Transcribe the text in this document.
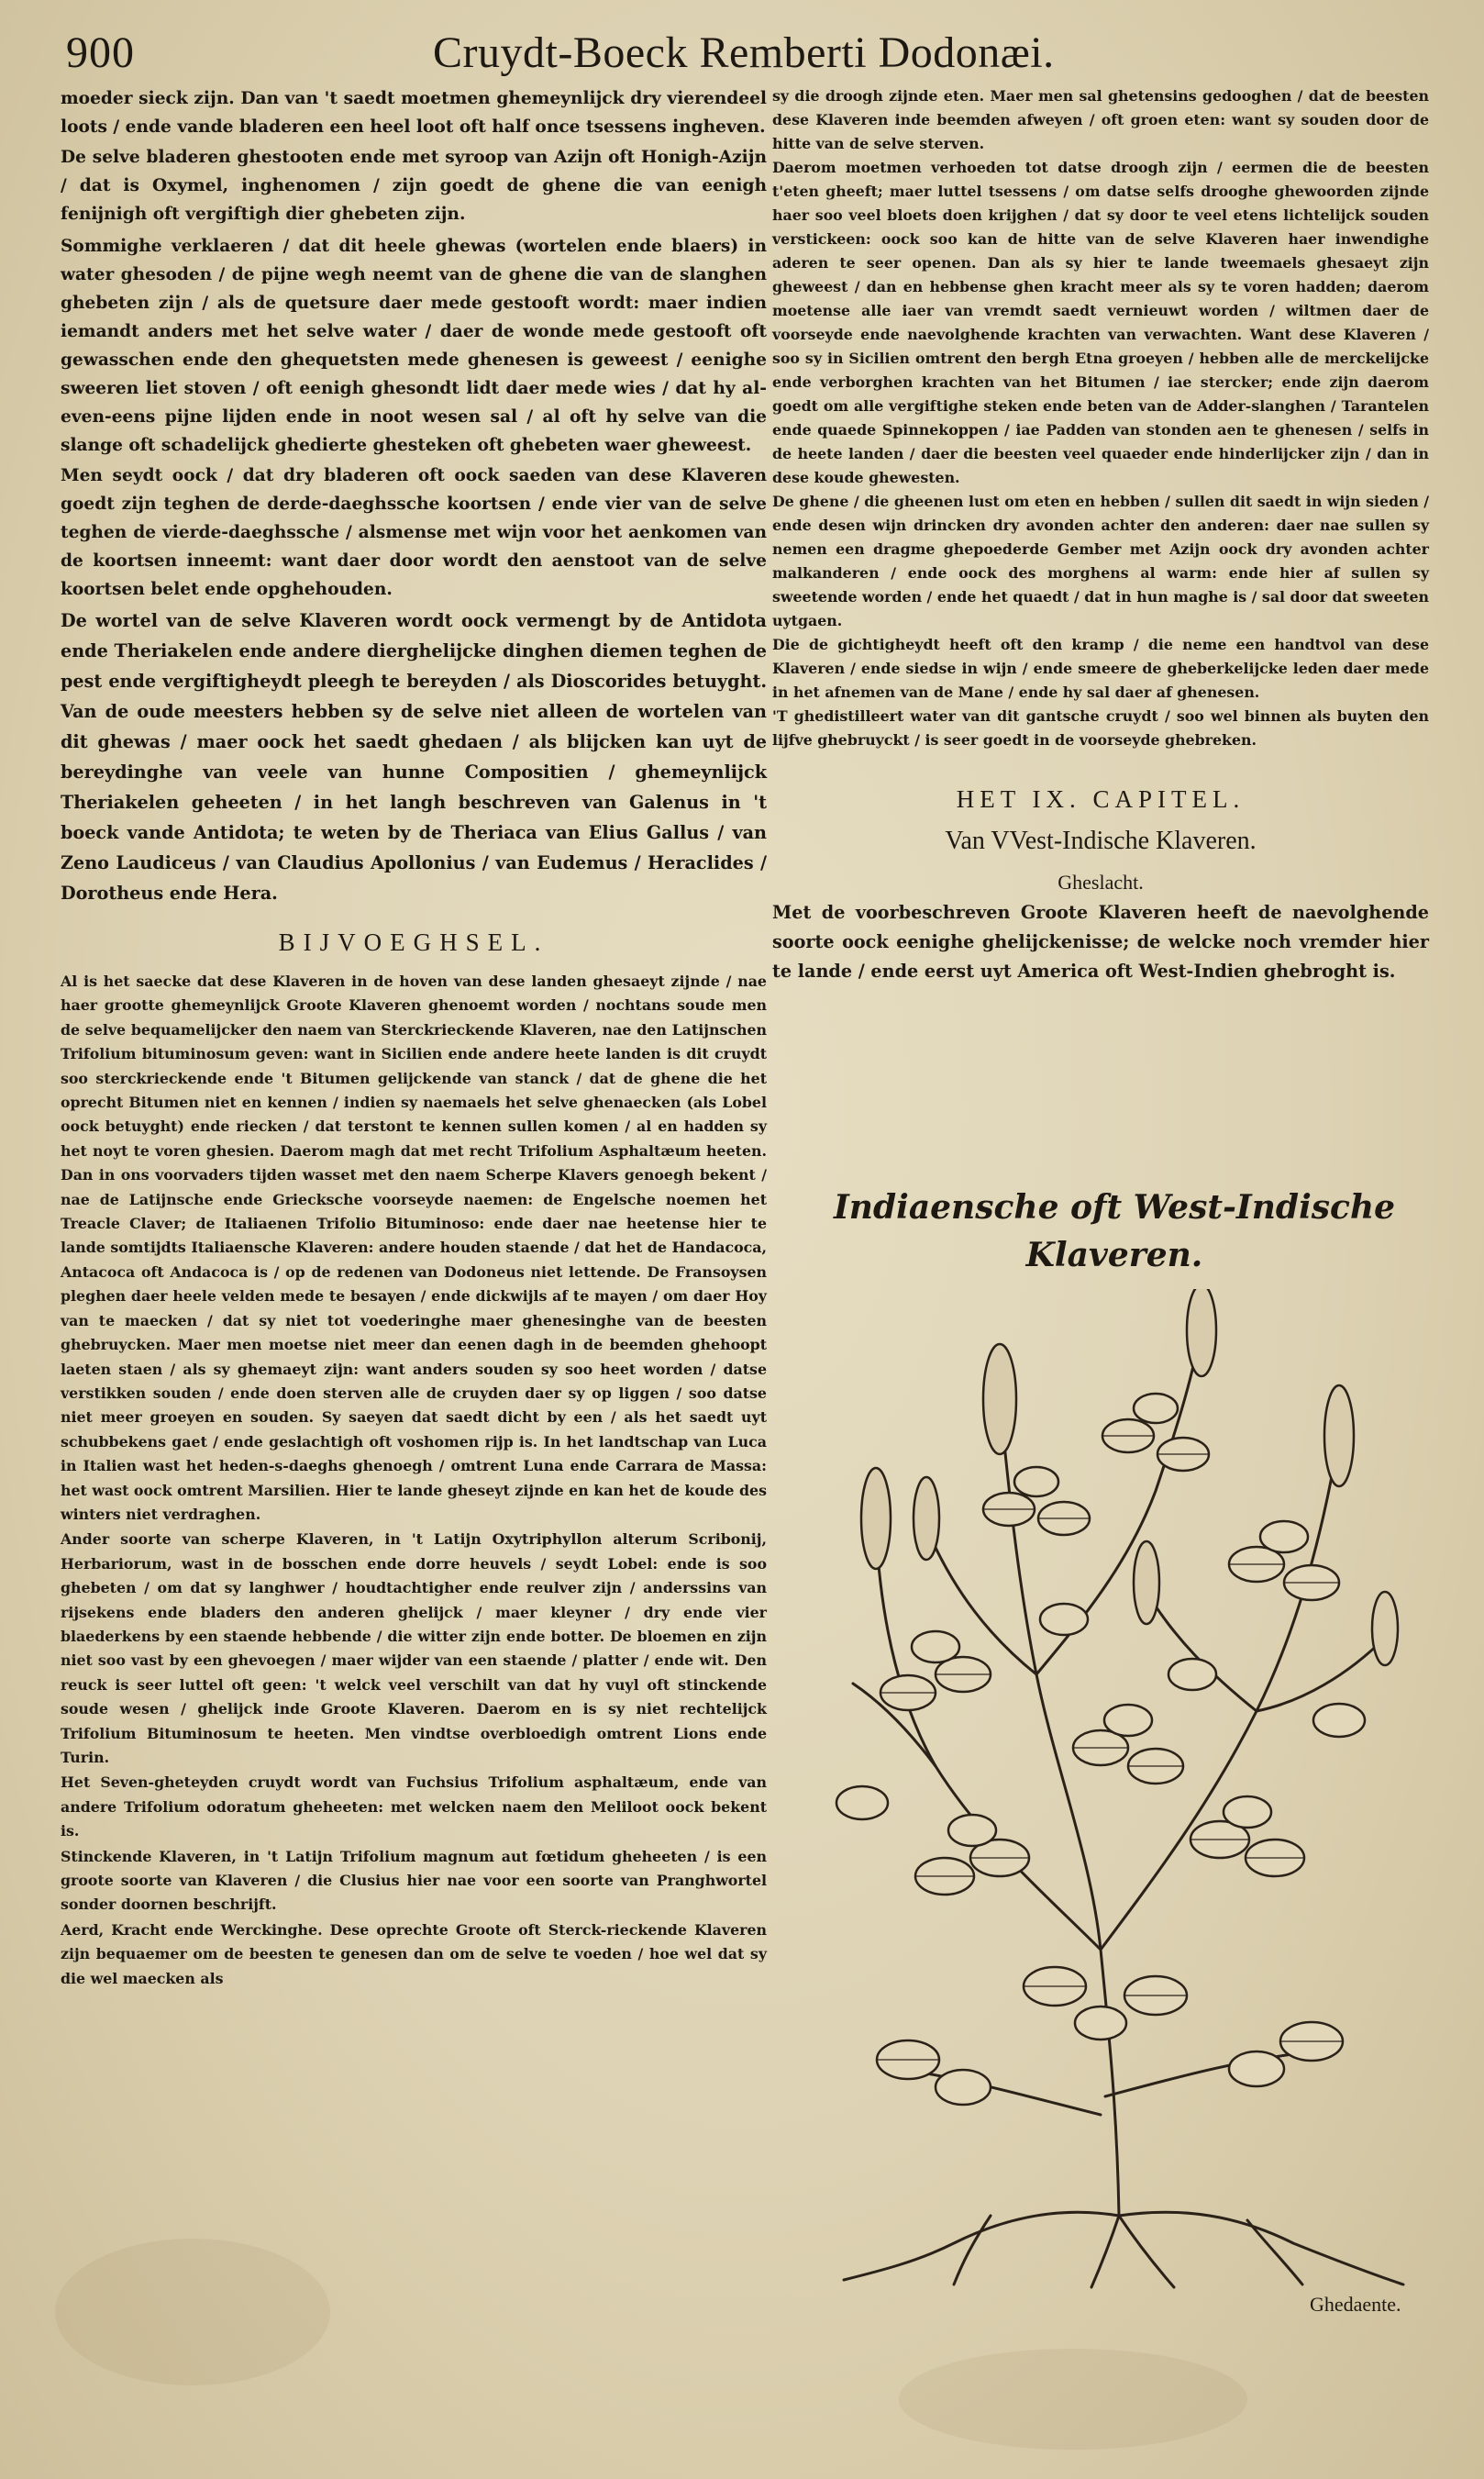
900	Cruydt-Boeck Remberti Dodonæi.

moeder sieck zijn. Dan van 't saedt moetmen ghemeynlijck dry vierendeel loots / ende vande bladeren een heel loot oft half once tsessens ingheven.

De selve bladeren ghestooten ende met syroop van Azijn oft Honigh-Azijn / dat is Oxymel, inghenomen / zijn goedt de ghene die van eenigh fenijnigh oft vergiftigh dier ghebeten zijn.

Sommighe verklaeren / dat dit heele ghewas (wortelen ende blaers) in water ghesoden / de pijne wegh neemt van de ghene die van de slanghen ghebeten zijn / als de quetsure daer mede gestooft wordt: maer indien iemandt anders met het selve water / daer de wonde mede gestooft oft gewasschen ende den ghequetsten mede ghenesen is geweest / eenighe sweeren liet stoven / oft eenigh ghesondt lidt daer mede wies / dat hy al-even-eens pijne lijden ende in noot wesen sal / al oft hy selve van die slange oft schadelijck ghedierte ghesteken oft ghebeten waer gheweest.

Men seydt oock / dat dry bladeren oft oock saeden van dese Klaveren goedt zijn teghen de derde-daeghssche koortsen / ende vier van de selve teghen de vierde-daeghssche / alsmense met wijn voor het aenkomen van de koortsen inneemt: want daer door wordt den aenstoot van de selve koortsen belet ende opghehouden.

De wortel van de selve Klaveren wordt oock vermengt by de Antidota ende Theriakelen ende andere dierghelijcke dinghen diemen teghen de pest ende vergiftigheydt pleegh te bereyden / als Dioscorides betuyght. Van de oude meesters hebben sy de selve niet alleen de wortelen van dit ghewas / maer oock het saedt ghedaen / als blijcken kan uyt de bereydinghe van veele van hunne Compositien / ghemeynlijck Theriakelen geheeten / in het langh beschreven van Galenus in 't boeck vande Antidota; te weten by de Theriaca van Elius Gallus / van Zeno Laudiceus / van Claudius Apollonius / van Eudemus / Heraclides / Dorotheus ende Hera.

BIJVOEGHSEL.

Al is het saecke dat dese Klaveren in de hoven van dese landen ghesaeyt zijnde / nae haer grootte ghemeynlijck Groote Klaveren ghenoemt worden / nochtans soude men de selve bequamelijcker den naem van Sterckrieckende Klaveren, nae den Latijnschen Trifolium bituminosum geven: want in Sicilien ende andere heete landen is dit cruydt soo sterckrieckende ende 't Bitumen gelijckende van stanck / dat de ghene die het oprecht Bitumen niet en kennen / indien sy naemaels het selve ghenaecken (als Lobel oock betuyght) ende riecken / dat terstont te kennen sullen komen / al en hadden sy het noyt te voren ghesien. Daerom magh dat met recht Trifolium Asphaltæum heeten. Dan in ons voorvaders tijden wasset met den naem Scherpe Klavers genoegh bekent / nae de Latijnsche ende Griecksche voorseyde naemen: de Engelsche noemen het Treacle Claver; de Italiaenen Trifolio Bituminoso: ende daer nae heetense hier te lande somtijdts Italiaensche Klaveren: andere houden staende / dat het de Handacoca, Antacoca oft Andacoca is / op de redenen van Dodoneus niet lettende. De Fransoysen pleghen daer heele velden mede te besayen / ende dickwijls af te mayen / om daer Hoy van te maecken / dat sy niet tot voederinghe maer ghenesinghe van de beesten ghebruycken. Maer men moetse niet meer dan eenen dagh in de beemden ghehoopt laeten staen / als sy ghemaeyt zijn: want anders souden sy soo heet worden / datse verstikken souden / ende doen sterven alle de cruyden daer sy op liggen / soo datse niet meer groeyen en souden. Sy saeyen dat saedt dicht by een / als het saedt uyt schubbekens gaet / ende geslachtigh oft voshomen rijp is. In het landtschap van Luca in Italien wast het heden-s-daeghs ghenoegh / omtrent Luna ende Carrara de Massa: het wast oock omtrent Marsilien. Hier te lande gheseyt zijnde en kan het de koude des winters niet verdraghen.

Ander soorte van scherpe Klaveren, in 't Latijn Oxytriphyllon alterum Scribonij, Herbariorum, wast in de bosschen ende dorre heuvels / seydt Lobel: ende is soo ghebeten / om dat sy langhwer / houdtachtigher ende reulver zijn / anderssins van rijsekens ende bladers den anderen ghelijck / maer kleyner / dry ende vier blaederkens by een staende hebbende / die witter zijn ende botter. De bloemen en zijn niet soo vast by een ghevoegen / maer wijder van een staende / platter / ende wit. Den reuck is seer luttel oft geen: 't welck veel verschilt van dat hy vuyl oft stinckende soude wesen / ghelijck inde Groote Klaveren. Daerom en is sy niet rechtelijck Trifolium Bituminosum te heeten. Men vindtse overbloedigh omtrent Lions ende Turin.

Het Seven-gheteyden cruydt wordt van Fuchsius Trifolium asphaltæum, ende van andere Trifolium odoratum gheheeten: met welcken naem den Meliloot oock bekent is.

Stinckende Klaveren, in 't Latijn Trifolium magnum aut fœtidum gheheeten / is een groote soorte van Klaveren / die Clusius hier nae voor een soorte van Pranghwortel sonder doornen beschrijft.

Aerd, Kracht ende Werckinghe. Dese oprechte Groote oft Sterck-rieckende Klaveren zijn bequaemer om de beesten te genesen dan om de selve te voeden / hoe wel dat sy die wel maecken als

sy die droogh zijnde eten. Maer men sal ghetensins gedooghen / dat de beesten dese Klaveren inde beemden afweyen / oft groen eten: want sy souden door de hitte van de selve sterven.

Daerom moetmen verhoeden tot datse droogh zijn / eermen die de beesten t'eten gheeft; maer luttel tsessens / om datse selfs drooghe ghewoorden zijnde haer soo veel bloets doen krijghen / dat sy door te veel etens lichtelijck souden verstickeen: oock soo kan de hitte van de selve Klaveren haer inwendighe aderen te seer openen. Dan als sy hier te lande tweemaels ghesaeyt zijn gheweest / dan en hebbense ghen kracht meer als sy te voren hadden; daerom moetense alle iaer van vremdt saedt vernieuwt worden / wiltmen daer de voorseyde ende naevolghende krachten van verwachten. Want dese Klaveren / soo sy in Sicilien omtrent den bergh Etna groeyen / hebben alle de merckelijcke ende verborghen krachten van het Bitumen / iae stercker; ende zijn daerom goedt om alle vergiftighe steken ende beten van de Adder-slanghen / Tarantelen ende quaede Spinnekoppen / iae Padden van stonden aen te ghenesen / selfs in de heete landen / daer die beesten veel quaeder ende hinderlijcker zijn / dan in dese koude ghewesten.

De ghene / die gheenen lust om eten en hebben / sullen dit saedt in wijn sieden / ende desen wijn drincken dry avonden achter den anderen: daer nae sullen sy nemen een dragme ghepoederde Gember met Azijn oock dry avonden achter malkanderen / ende oock des morghens al warm: ende hier af sullen sy sweetende worden / ende het quaedt / dat in hun maghe is / sal door dat sweeten uytgaen.

Die de gichtigheydt heeft oft den kramp / die neme een handtvol van dese Klaveren / ende siedse in wijn / ende smeere de gheberkelijcke leden daer mede in het afnemen van de Mane / ende hy sal daer af ghenesen.

'T ghedistilleert water van dit gantsche cruydt / soo wel binnen als buyten den lijfve ghebruyckt / is seer goedt in de voorseyde ghebreken.

HET IX. CAPITEL.
Van VVest-Indische Klaveren.
Gheslacht.

Met de voorbeschreven Groote Klaveren heeft de naevolghende soorte oock eenighe ghelijckenisse; de welcke noch vremder hier te lande / ende eerst uyt America oft West-Indien ghebroght is.

Indiaensche oft West-Indische Klaveren.
Ghedaente.
